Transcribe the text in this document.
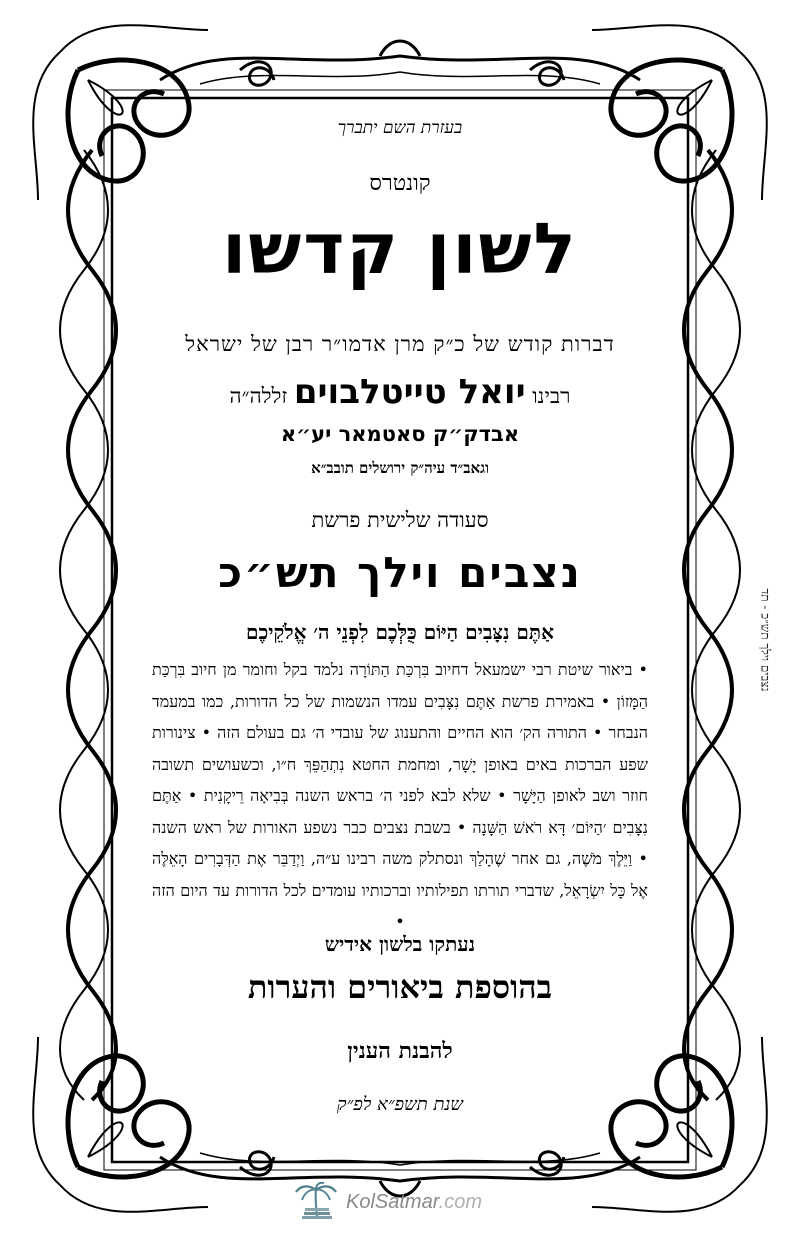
בעזרת השם יתברך
קונטרס
לשון קדשו
דברות קודש של כ״ק מרן אדמו״ר רבן של ישראל
רבינו יואל טייטלבוים זללה״ה
אבדק״ק סאטמאר יע״א
וגאב״ד עיה״ק ירושלים תובב״א
סעודה שלישית פרשת
נצבים וילך תש״כ
אַתֶּם נִצָּבִים הַיּוֹם כֻּלְּכֶם לִפְנֵי ה׳ אֱלֹקֵיכֶם
• ביאור שיטת רבי ישמעאל דחיוב בִּרְכַּת הַתּוֹרָה נלמד בקל וחומר מן חיוב בִּרְכַּת הַמָּזוֹן • באמירת פרשת אַתֶּם נִצָּבִים עמדו הנשמות של כל הדורות, כמו במעמד הנבחר • התורה הק׳ הוא החיים והתענוג של עובדי ה׳ גם בעולם הזה • צינורות שפע הברכות באים באופן יָשָׁר, ומחמת החטא נִתְהַפֵּךְ ח״ו, וכשעושים תשובה חוזר ושב לאופן הַיָּשָׁר • שלא לבא לפני ה׳ בראש השנה בְּבִיאָה רֵיקָנִית • אַתֶּם נִצָּבִים ׳הַיּוֹם׳ דָּא רֹאשׁ הַשָּׁנָה • בשבת נצבים כבר נשפע האורות של ראש השנה • וַיֵּלֶךְ מֹשֶׁה, גם אחר שֶׁהָלַךְ ונסתלק משה רבינו ע״ה, וַיְדַבֵּר אֶת הַדְּבָרִים הָאֵלֶּה אֶל כָּל יִשְׂרָאֵל, שדברי תורתו תפילותיו וברכותיו עומדים לכל הדורות עד היום הזה •
נעתקו בלשון אידיש
בהוספת ביאורים והערות
להבנת הענין
שנת תשפ״א לפ״ק
נצבים וילך תש״כ - תד
KolSatmar.com
